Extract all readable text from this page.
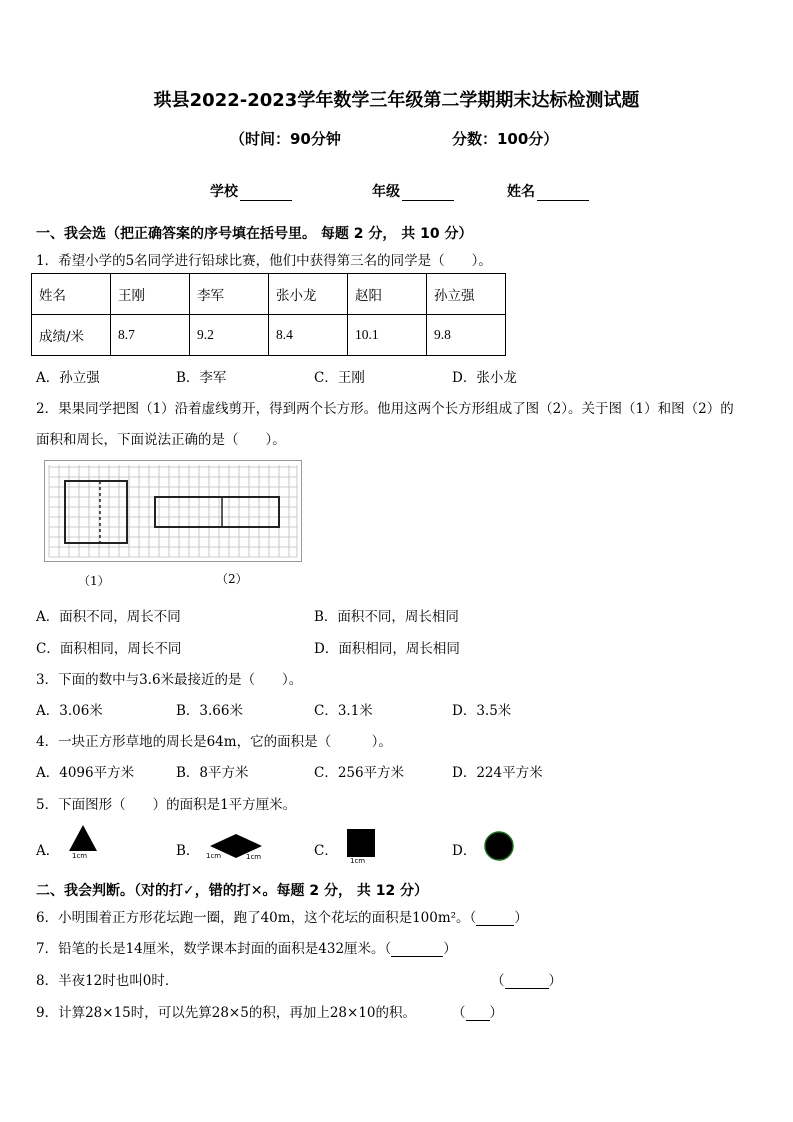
珙县2022-2023学年数学三年级第二学期期末达标检测试题
（时间：90分钟	分数：100分）
学校	年级	姓名
一、我会选（把正确答案的序号填在括号里。 每题 2 分， 共 10 分）
1．希望小学的5名同学进行铅球比赛，他们中获得第三名的同学是（　　）。
姓名	王刚	李军	张小龙	赵阳	孙立强
成绩/米	8.7	9.2	8.4	10.1	9.8
A．孙立强	B．李军	C．王刚	D．张小龙
2．果果同学把图（1）沿着虚线剪开，得到两个长方形。他用这两个长方形组成了图（2）。关于图（1）和图（2）的
面积和周长，下面说法正确的是（　　）。
（1）	（2）
A．面积不同，周长不同	B．面积不同，周长相同
C．面积相同，周长不同	D．面积相同，周长相同
3．下面的数中与3.6米最接近的是（　　）。
A．3.06米	B．3.66米	C．3.1米	D．3.5米
4．一块正方形草地的周长是64m，它的面积是（　　　）。
A．4096平方米	B．8平方米	C．256平方米	D．224平方米
5．下面图形（　　）的面积是1平方厘米。
A． 1cm	B． 1cm	1cm	C．
1cm
D．
二、我会判断。（对的打✓，错的打✕。每题 2 分， 共 12 分）
6．小明围着正方形花坛跑一圈，跑了40m，这个花坛的面积是100m²。（	）
7．铅笔的长是14厘米，数学课本封面的面积是432厘米。（	）
8．半夜12时也叫0时．	（	）
9．计算28×15时，可以先算28×5的积，再加上28×10的积。	（ ）
